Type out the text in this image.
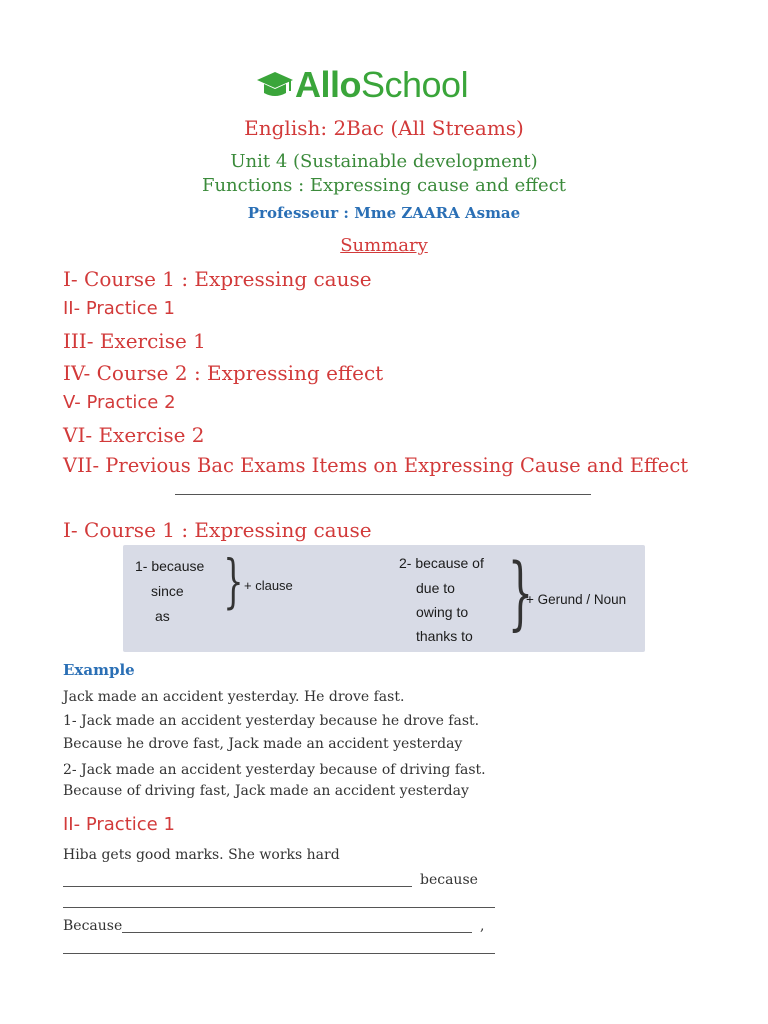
AlloSchool
English: 2Bac (All Streams)
Unit 4 (Sustainable development)
Functions : Expressing cause and effect
Professeur : Mme ZAARA Asmae
Summary
I- Course 1 : Expressing cause
II- Practice 1
III- Exercise 1
IV- Course 2 : Expressing effect
V- Practice 2
VI- Exercise 2
VII- Previous Bac Exams Items on Expressing Cause and Effect
I- Course 1 : Expressing cause
1- because
since
as
} + clause
2- because of
due to
owing to
thanks to }
+ Gerund / Noun
Example
Jack made an accident yesterday. He drove fast.
1- Jack made an accident yesterday because he drove fast.
Because he drove fast, Jack made an accident yesterday
2- Jack made an accident yesterday because of driving fast.
Because of driving fast, Jack made an accident yesterday
II- Practice 1
Hiba gets good marks. She works hard
because
Because	,
